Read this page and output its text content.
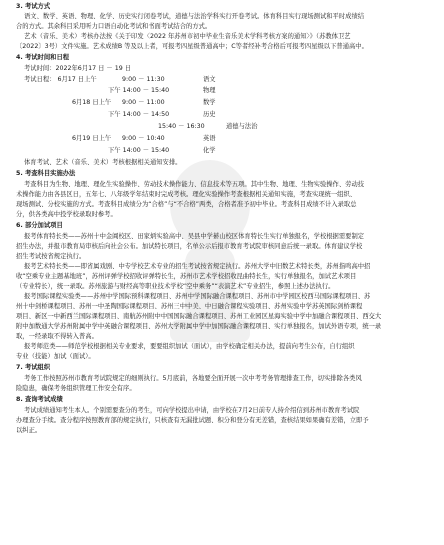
3. 考试方式
语文、数学、英语、物理、化学、历史实行闭卷考试，道德与法治学科实行开卷考试。体育科目实行现场测试和平时成绩结
合的方式。其余科目采用听力口语自动化考试和书面考试结合的方式。
艺术（音乐、美术）考核办法按《关于印发〈2022 年苏州市初中毕业生音乐美术学科考核方案的通知〉》（苏教体卫艺
〔2022〕3号）文件实施。艺术成绩B 等及以上者，可报考四星级普通高中；C等者经补考合格后可报考四星级以下普通高中。
4. 考试时间和日程
考试时间：2022年6月17 日 － 19 日
考试日程： 6月17 日上午	9:00 － 11:30	语文
下午 14:00 － 15:40	物理
6月18 日上午 9:00 － 11:00	数学
下午 14:00 － 14:50	历史
15:40 － 16:30	道德与法治
6月19 日上午 9:00 － 10:40	英语
下午 14:00 － 15:40	化学
体育考试、艺术（音乐、美术）考核根据相关通知安排。
5. 考查科目实施办法
考查科目为生物、地理、理化生实验操作、劳动技术操作能力、信息技术等五项。其中生物、地理、生物实验操作、劳动技
术操作能力由各县区日，五年七、八年级学年结束时完成考核。理化实验操作考查根据相关通知实施，考查实现统一组织、
现场测试、分校实施的方式。考查科目成绩分为“合格”与“不合格”两类，合格者准予初中毕业。考查科目成绩不计入录取总
分，供各类高中投学校录取时参考。
6. 部分加试项目
报考体育特长类——苏州十中金阊校区、田家炳实验高中、吴县中学綦山校区体育特长生实行单独报名，学校根据需要制定
招生办法，并报市教育局审核后向社会公布。加试特长项目，名单公示后报市教育考试院审核同意后统一录取。体育建议学校
招生考试按省规定执行。
报考艺术特长类——即省属戏剧、中专学校艺术专业的招生考试按省规定执行。苏州大学中旧数艺术特长类，苏州指鸣高中招
收“空乘专业主题基地班”，苏州评弹学校招收评弹特长生，苏州市艺术学校招收昆曲特长生，实行单独报名，加试艺术项目
（专业特长），统一录取。苏州旅游与财经高等职业技术学校“空中乘务”“表演艺术”专业招生，参照上述办法执行。
报考国际课程实验类——苏州中学国际预科课程项目、苏州中学国际融合课程项目、苏州市中学园区校西马国际课程项目、苏
州十中剑桥课程项目、苏州一中圣陶国际课程项目、苏州三中中美、中日融合课程实验项目、苏州实验中学苏英国际剑桥课程
项目、新区一中新西兰国际课程项目、南航苏州附中中国国际融合课程项目、苏州工业园区星海实验中学中加融合课程项目、西交大
附中加数通大学苏州附属中学中英融合课程项目、苏州大学附属中学中加国际融合课程项目、实行单独报名，加试外语专项，统一录
取，一经录取不得转入普高。
报考师范类——师范学校根据相关专业要求，要要组织加试（面试），由学校确定相关办法，提前向考生公布，自行组织
专业（技能）加试（面试）。
7. 考试组织
考务工作按照苏州市教育考试院规定的细则执行。5月底前，各地要全面开展一次中考考务管理排查工作，切实排除各类风
险隐患，确保考务组织管理工作安全有序。
8. 查询考试成绩
考试成绩通知考生本人。个别需要查分的考生，可向学校提出申请，由学校在7月2日前专人持介绍信到苏州市教育考试院
办理查分手续。查分程序按照教育部的规定执行，只核查有无漏批试题、积分和登分有无差错，查核结果如果确有差错，立即予
以纠正。
